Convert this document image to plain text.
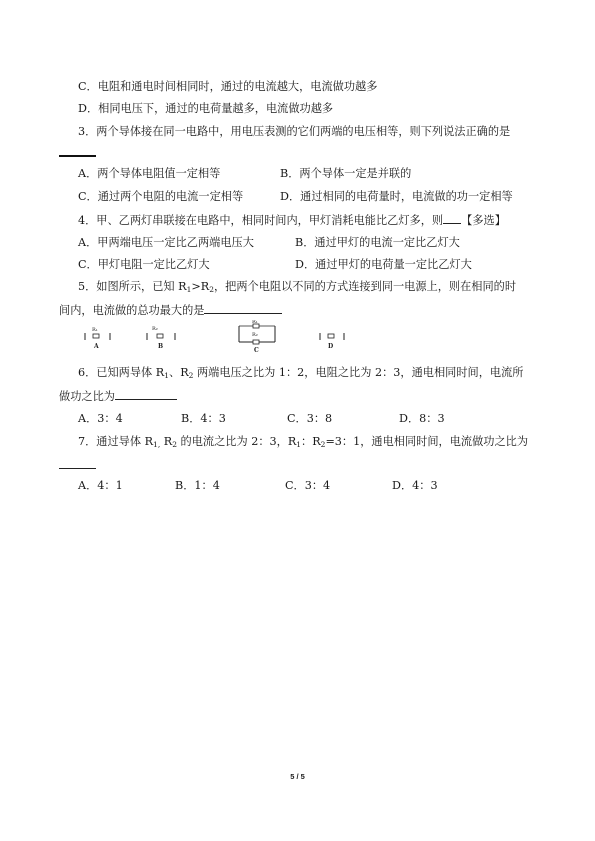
C．电阻和通电时间相同时，通过的电流越大，电流做功越多
D．相同电压下，通过的电荷量越多，电流做功越多
3．两个导体接在同一电路中，用电压表测的它们两端的电压相等，则下列说法正确的是
A．两个导体电阻值一定相等	B．两个导体一定是并联的
C．通过两个电阻的电流一定相等	D．通过相同的电荷量时，电流做的功一定相等
4．甲、乙两灯串联接在电路中，相同时间内，甲灯消耗电能比乙灯多，则 【多选】
A．甲两端电压一定比乙两端电压大	B．通过甲灯的电流一定比乙灯大
C．甲灯电阻一定比乙灯大	D．通过甲灯的电荷量一定比乙灯大
5．如图所示，已知 $R_1>R_2$，把两个电阻以不同的方式连接到同一电源上，则在相同的时
间内，电流做的总功最大的是
R₁
A
R₂
B
R₁
R₂
C
D
6．已知两导体 $R_1$、$R_2$ 两端电压之比为 1：2，电阻之比为 2：3，通电相同时间，电流所
做功之比为
A．3：4	B．4：3	C．3：8	D．8：3
7．通过导体 $R_{1,}$ $R_2$ 的电流之比为 2：3，$R_1$：$R_2=3$：1，通电相同时间，电流做功之比为
A．4：1	B．1：4	C．3：4	D．4：3
5 / 5
